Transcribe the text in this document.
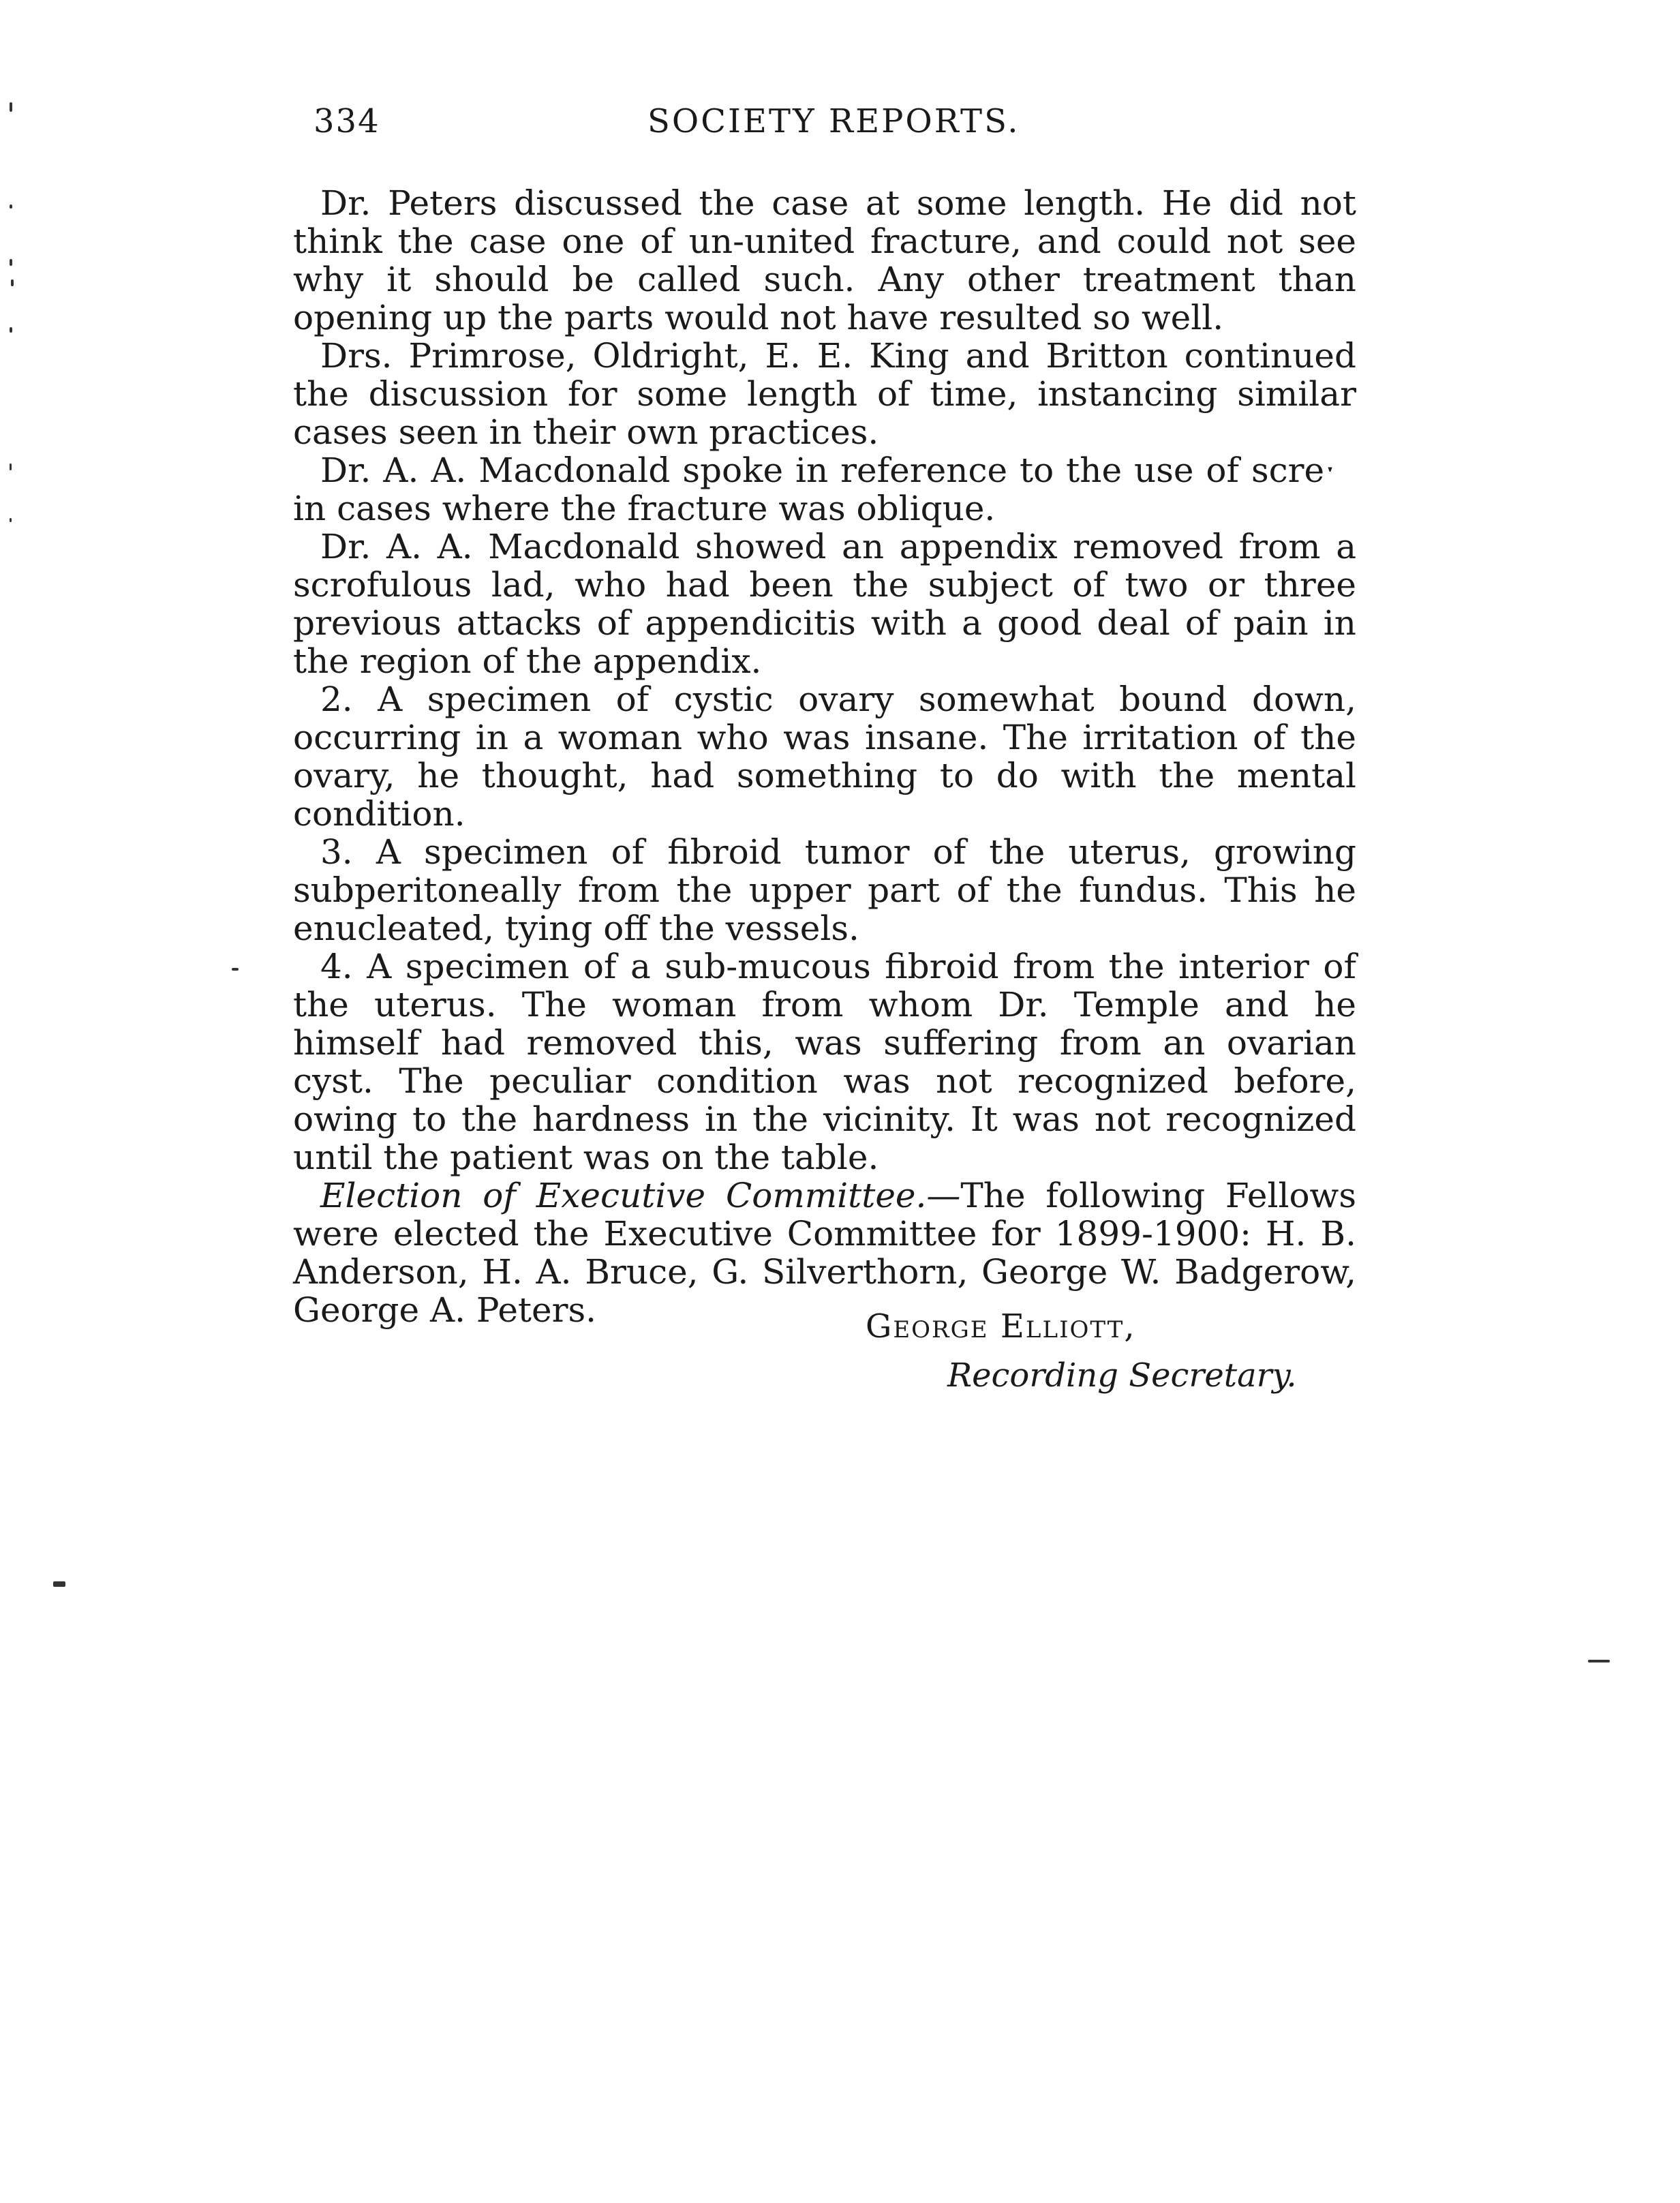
334	SOCIETY REPORTS.

Dr. Peters discussed the case at some length. He did not think the case one of un-united fracture, and could not see why it should be called such. Any other treatment than opening up the parts would not have resulted so well.

Drs. Primrose, Oldright, E. E. King and Britton continued the discussion for some length of time, instancing similar cases seen in their own practices.

Dr. A. A. Macdonald spoke in reference to the use of screˑ in cases where the fracture was oblique.

Dr. A. A. Macdonald showed an appendix removed from a scrofulous lad, who had been the subject of two or three previous attacks of appendicitis with a good deal of pain in the region of the appendix.

2. A specimen of cystic ovary somewhat bound down, occurring in a woman who was insane. The irritation of the ovary, he thought, had something to do with the mental condition.

3. A specimen of fibroid tumor of the uterus, growing subperitoneally from the upper part of the fundus. This he enucleated, tying off the vessels.

4. A specimen of a sub-mucous fibroid from the interior of the uterus. The woman from whom Dr. Temple and he himself had removed this, was suffering from an ovarian cyst. The peculiar condition was not recognized before, owing to the hardness in the vicinity. It was not recognized until the patient was on the table.

Election of Executive Committee.—The following Fellows were elected the Executive Committee for 1899-1900: H. B. Anderson, H. A. Bruce, G. Silverthorn, George W. Badgerow, George A. Peters.	George Elliott,
Recording Secretary.
